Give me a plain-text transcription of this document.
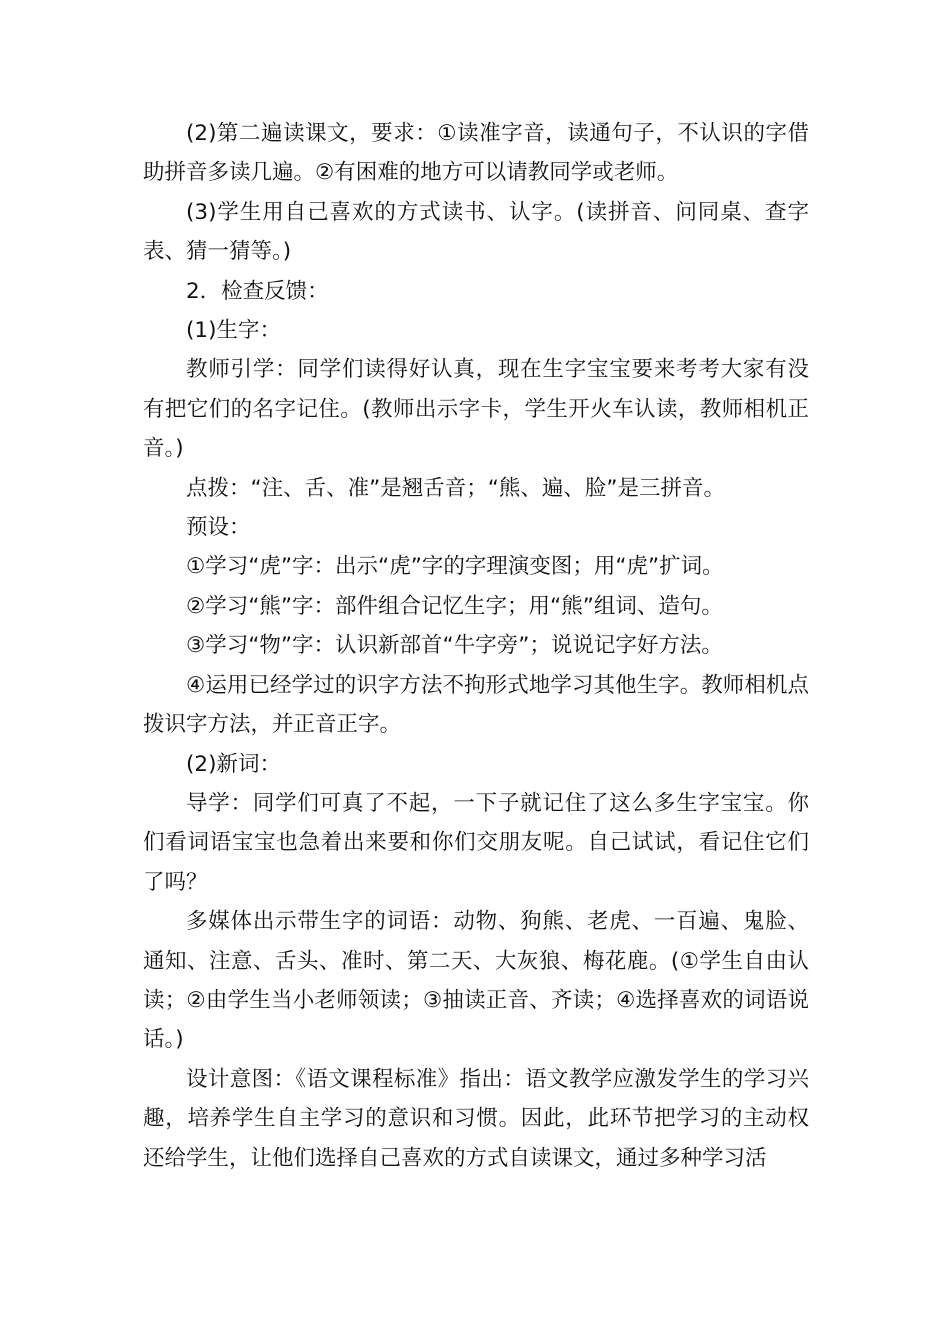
(2)第二遍读课文，要求：①读准字音，读通句子，不认识的字借助拼音多读几遍。②有困难的地方可以请教同学或老师。

(3)学生用自己喜欢的方式读书、认字。(读拼音、问同桌、查字表、猜一猜等。)

2．检查反馈：

(1)生字：

教师引学：同学们读得好认真，现在生字宝宝要来考考大家有没有把它们的名字记住。(教师出示字卡，学生开火车认读，教师相机正音。)

点拨：“注、舌、准”是翘舌音；“熊、遍、脸”是三拼音。

预设：

①学习“虎”字：出示“虎”字的字理演变图；用“虎”扩词。

②学习“熊”字：部件组合记忆生字；用“熊”组词、造句。

③学习“物”字：认识新部首“牛字旁”；说说记字好方法。

④运用已经学过的识字方法不拘形式地学习其他生字。教师相机点拨识字方法，并正音正字。

(2)新词：

导学：同学们可真了不起，一下子就记住了这么多生字宝宝。你们看词语宝宝也急着出来要和你们交朋友呢。自己试试，看记住它们了吗？

多媒体出示带生字的词语：动物、狗熊、老虎、一百遍、鬼脸、通知、注意、舌头、准时、第二天、大灰狼、梅花鹿。(①学生自由认读；②由学生当小老师领读；③抽读正音、齐读；④选择喜欢的词语说话。)

设计意图：《语文课程标准》指出：语文教学应激发学生的学习兴趣，培养学生自主学习的意识和习惯。因此，此环节把学习的主动权还给学生，让他们选择自己喜欢的方式自读课文，通过多种学习活
